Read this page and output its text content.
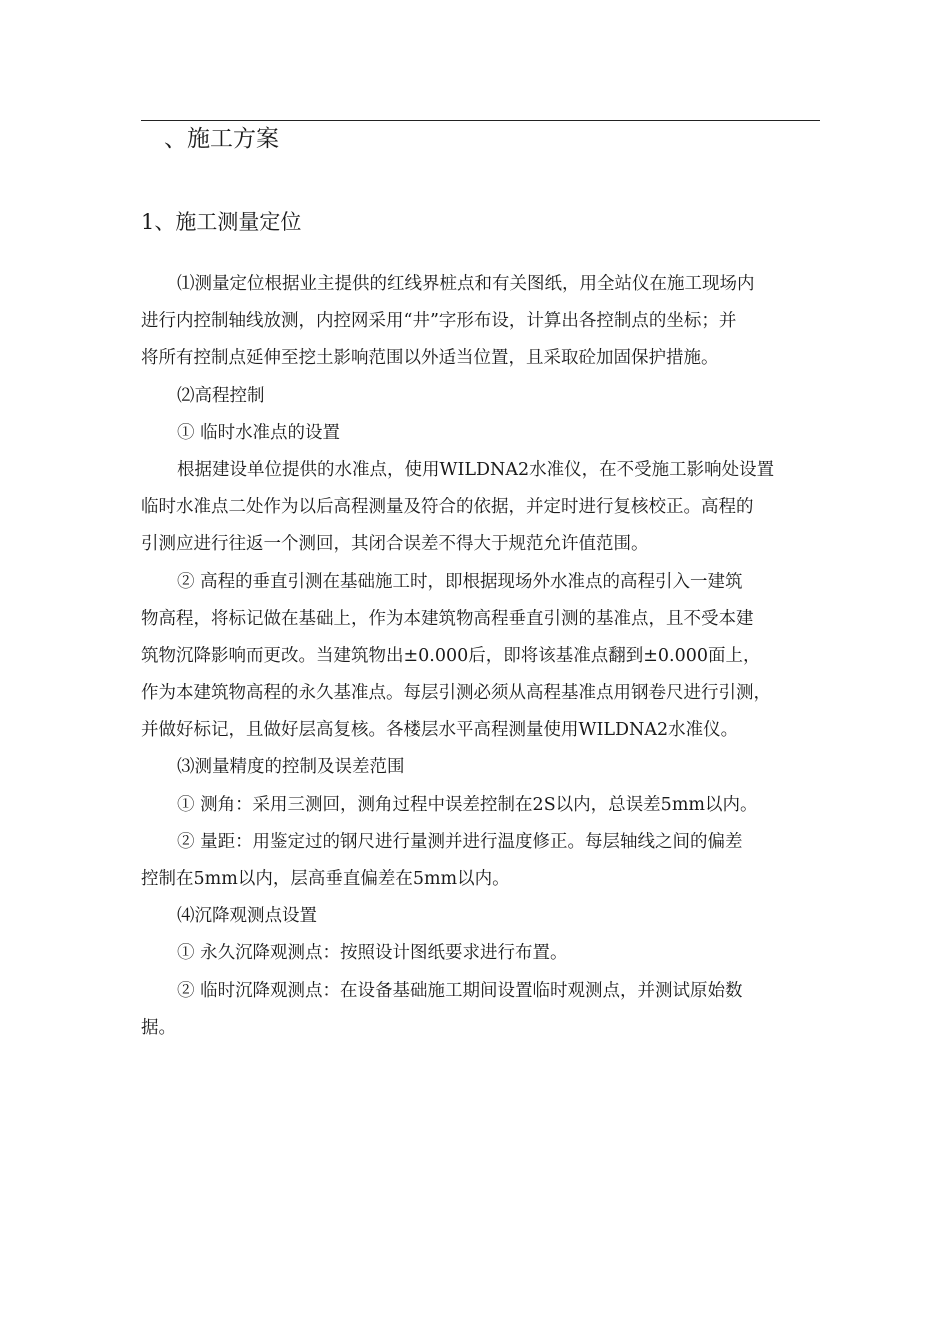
、施工方案
1、施工测量定位
⑴测量定位根据业主提供的红线界桩点和有关图纸，用全站仪在施工现场内
进行内控制轴线放测，内控网采用“井”字形布设，计算出各控制点的坐标；并
将所有控制点延伸至挖土影响范围以外适当位置，且采取砼加固保护措施。
⑵高程控制
① 临时水准点的设置
根据建设单位提供的水准点，使用WILDNA2水准仪，在不受施工影响处设置
临时水准点二处作为以后高程测量及符合的依据，并定时进行复核校正。高程的
引测应进行往返一个测回，其闭合误差不得大于规范允许值范围。
② 高程的垂直引测在基础施工时，即根据现场外水准点的高程引入一建筑
物高程，将标记做在基础上，作为本建筑物高程垂直引测的基准点，且不受本建
筑物沉降影响而更改。当建筑物出±0.000后，即将该基准点翻到±0.000面上，
作为本建筑物高程的永久基准点。每层引测必须从高程基准点用钢卷尺进行引测，
并做好标记，且做好层高复核。各楼层水平高程测量使用WILDNA2水准仪。
⑶测量精度的控制及误差范围
① 测角：采用三测回，测角过程中误差控制在2S以内，总误差5mm以内。
② 量距：用鉴定过的钢尺进行量测并进行温度修正。每层轴线之间的偏差
控制在5mm以内，层高垂直偏差在5mm以内。
⑷沉降观测点设置
① 永久沉降观测点：按照设计图纸要求进行布置。
② 临时沉降观测点：在设备基础施工期间设置临时观测点，并测试原始数
据。
